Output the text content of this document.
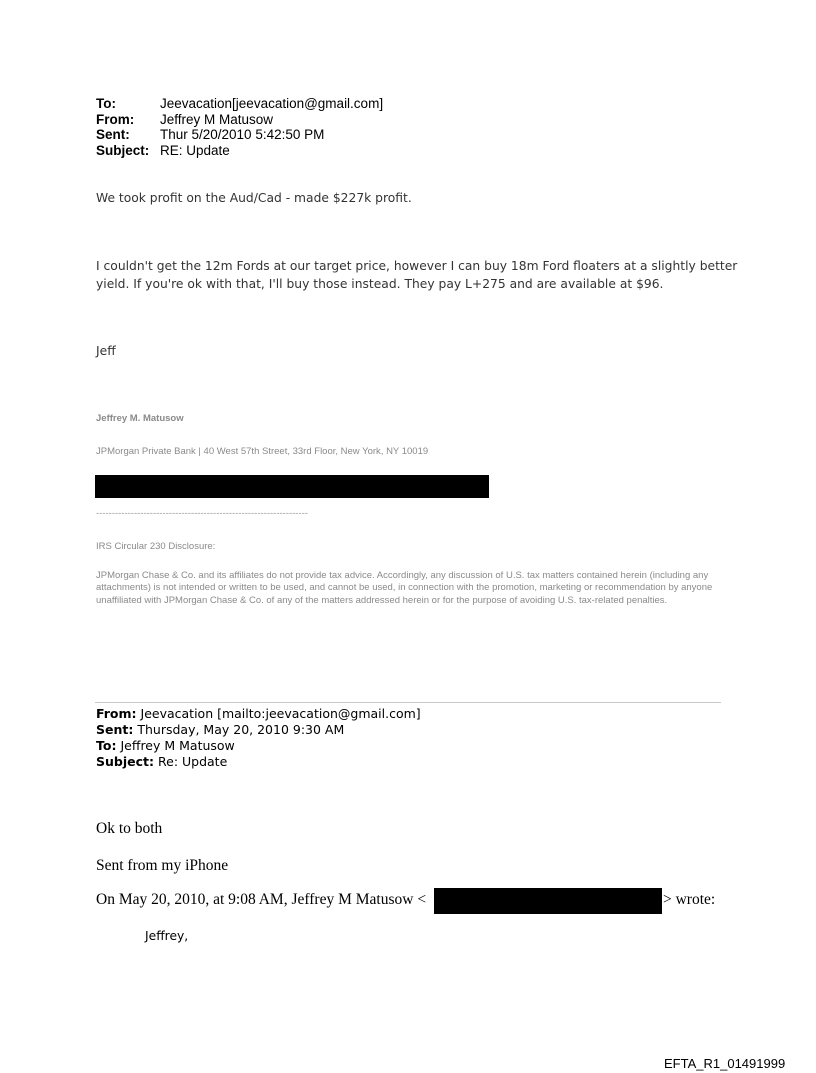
To:	Jeevacation[jeevacation@gmail.com]
From: Jeffrey M Matusow
Sent: Thur 5/20/2010 5:42:50 PM
Subject: RE: Update
We took profit on the Aud/Cad - made $227k profit.
I couldn't get the 12m Fords at our target price, however I can buy 18m Ford floaters at a slightly better
yield. If you're ok with that, I'll buy those instead. They pay L+275 and are available at $96.
Jeff
Jeffrey M. Matusow
JPMorgan Private Bank | 40 West 57th Street, 33rd Floor, New York, NY 10019
-------------------------------------------------------------------
IRS Circular 230 Disclosure:
JPMorgan Chase & Co. and its affiliates do not provide tax advice. Accordingly, any discussion of U.S. tax matters contained herein (including any attachments) is not intended or written to be used, and cannot be used, in connection with the promotion, marketing or recommendation by anyone unaffiliated with JPMorgan Chase & Co. of any of the matters addressed herein or for the purpose of avoiding U.S. tax-related penalties.
From: Jeevacation [mailto:jeevacation@gmail.com]
Sent: Thursday, May 20, 2010 9:30 AM
To: Jeffrey M Matusow
Subject: Re: Update
Ok to both
Sent from my iPhone
On May 20, 2010, at 9:08 AM, Jeffrey M Matusow <	> wrote:
Jeffrey,
EFTA_R1_01491999
